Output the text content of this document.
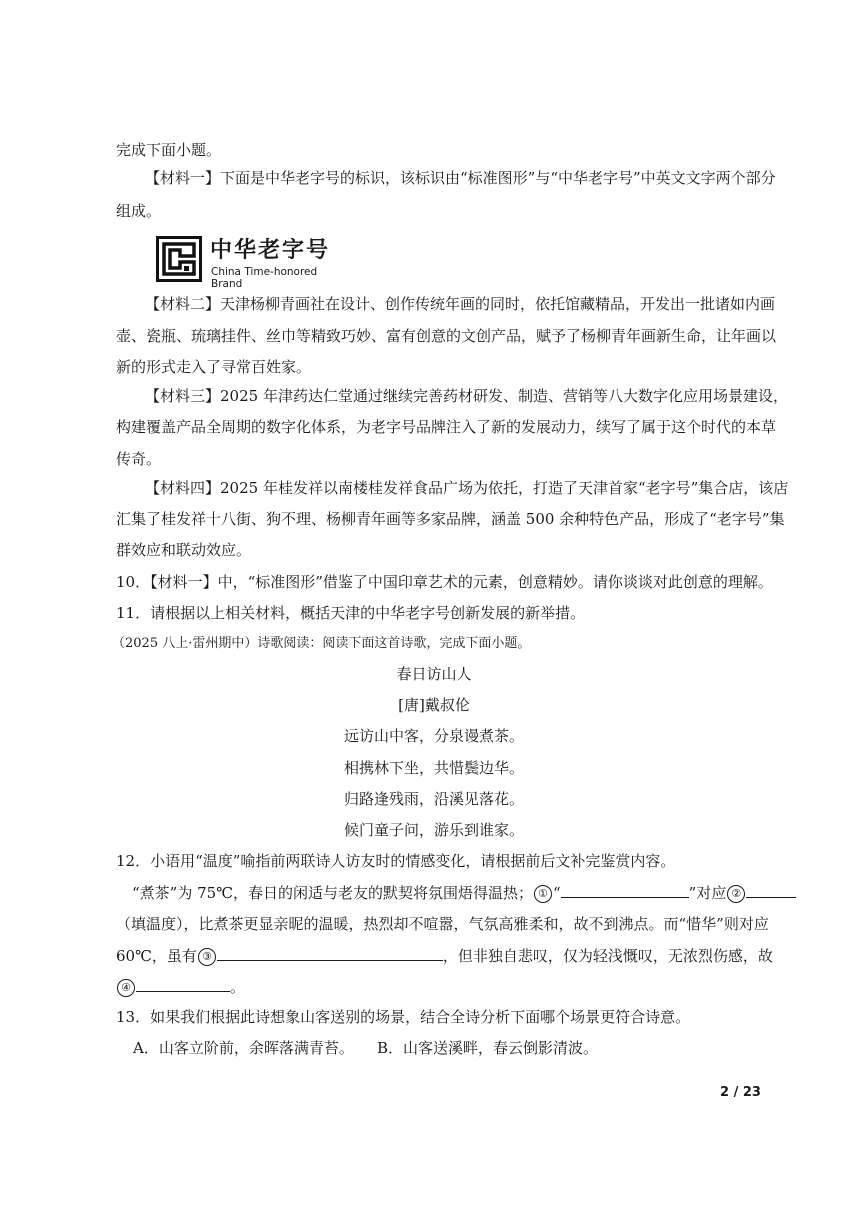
完成下面小题。
【材料一】下面是中华老字号的标识，该标识由“标准图形”与“中华老字号”中英文文字两个部分
组成。
中华老字号
China Time-honored Brand
【材料二】天津杨柳青画社在设计、创作传统年画的同时，依托馆藏精品，开发出一批诸如内画
壶、瓷瓶、琉璃挂件、丝巾等精致巧妙、富有创意的文创产品，赋予了杨柳青年画新生命，让年画以
新的形式走入了寻常百姓家。
【材料三】2025 年津药达仁堂通过继续完善药材研发、制造、营销等八大数字化应用场景建设，
构建覆盖产品全周期的数字化体系，为老字号品牌注入了新的发展动力，续写了属于这个时代的本草
传奇。
【材料四】2025 年桂发祥以南楼桂发祥食品广场为依托，打造了天津首家“老字号”集合店，该店
汇集了桂发祥十八街、狗不理、杨柳青年画等多家品牌，涵盖 500 余种特色产品，形成了“老字号”集
群效应和联动效应。
10．【材料一】中，“标准图形”借鉴了中国印章艺术的元素，创意精妙。请你谈谈对此创意的理解。
11．请根据以上相关材料，概括天津的中华老字号创新发展的新举措。
（2025 八上·雷州期中）诗歌阅读：阅读下面这首诗歌，完成下面小题。
春日访山人
[唐]戴叔伦
远访山中客，分泉谩煮茶。
相携林下坐，共惜鬓边华。
归路逢残雨，沿溪见落花。
候门童子问，游乐到谁家。
12．小语用“温度”喻指前两联诗人访友时的情感变化，请根据前后文补完鉴赏内容。
“煮茶”为 75℃，春日的闲适与老友的默契将氛围焐得温热； ① “	”对应 ②
（填温度），比煮茶更显亲昵的温暖，热烈却不喧嚣，气氛高雅柔和，故不到沸点。而“惜华”则对应
60℃，虽有 ③	，但非独自悲叹，仅为轻浅慨叹，无浓烈伤感，故
④	。
13．如果我们根据此诗想象山客送别的场景，结合全诗分析下面哪个场景更符合诗意。
A．山客立阶前，余晖落满青苔。 B．山客送溪畔，春云倒影清波。
2 / 23
